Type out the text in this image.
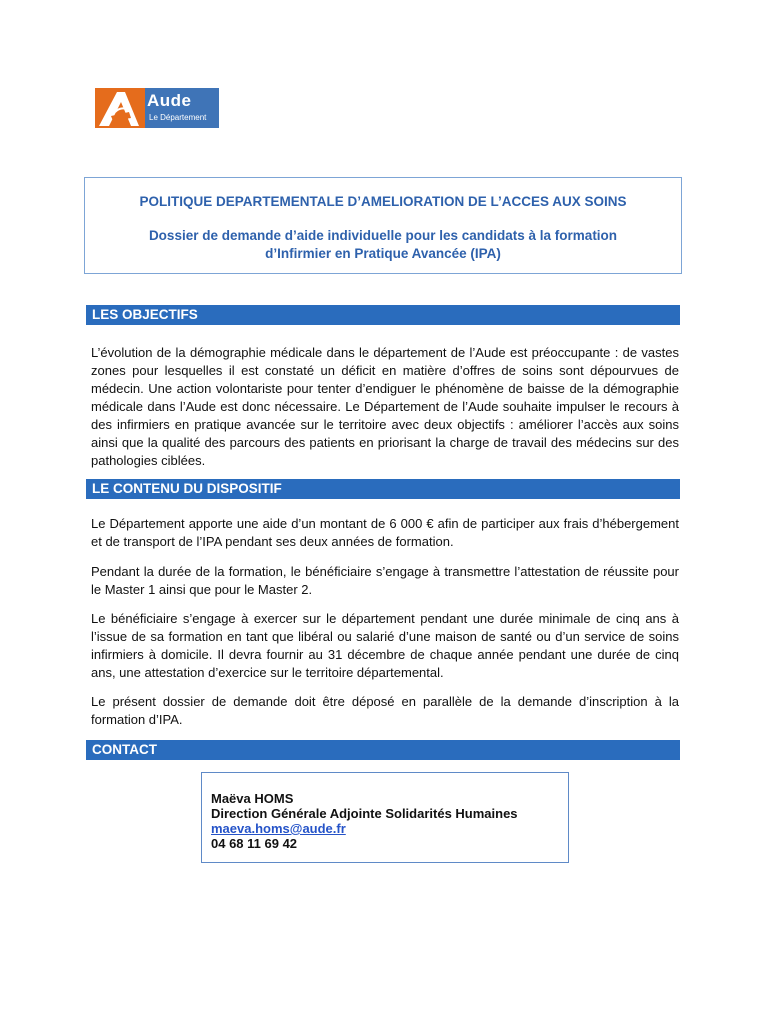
Aude
Le Département
POLITIQUE DEPARTEMENTALE D’AMELIORATION DE L’ACCES AUX SOINS
Dossier de demande d’aide individuelle pour les candidats à la formation
d’Infirmier en Pratique Avancée (IPA)
LES OBJECTIFS
L’évolution de la démographie médicale dans le département de l’Aude est préoccupante : de vastes zones pour lesquelles il est constaté un déficit en matière d’offres de soins sont dépourvues de médecin. Une action volontariste pour tenter d’endiguer le phénomène de baisse de la démographie médicale dans l’Aude est donc nécessaire. Le Département de l’Aude souhaite impulser le recours à des infirmiers en pratique avancée sur le territoire avec deux objectifs : améliorer l’accès aux soins ainsi que la qualité des parcours des patients en priorisant la charge de travail des médecins sur des pathologies ciblées.
LE CONTENU DU DISPOSITIF
Le Département apporte une aide d’un montant de 6 000 € afin de participer aux frais d’hébergement et de transport de l’IPA pendant ses deux années de formation.
Pendant la durée de la formation, le bénéficiaire s’engage à transmettre l’attestation de réussite pour le Master 1 ainsi que pour le Master 2.
Le bénéficiaire s’engage à exercer sur le département pendant une durée minimale de cinq ans à l’issue de sa formation en tant que libéral ou salarié d’une maison de santé ou d’un service de soins infirmiers à domicile. Il devra fournir au 31 décembre de chaque année pendant une durée de cinq ans, une attestation d’exercice sur le territoire départemental.
Le présent dossier de demande doit être déposé en parallèle de la demande d’inscription à la formation d’IPA.
CONTACT
Maëva HOMS
Direction Générale Adjointe Solidarités Humaines
maeva.homs@aude.fr
04 68 11 69 42
